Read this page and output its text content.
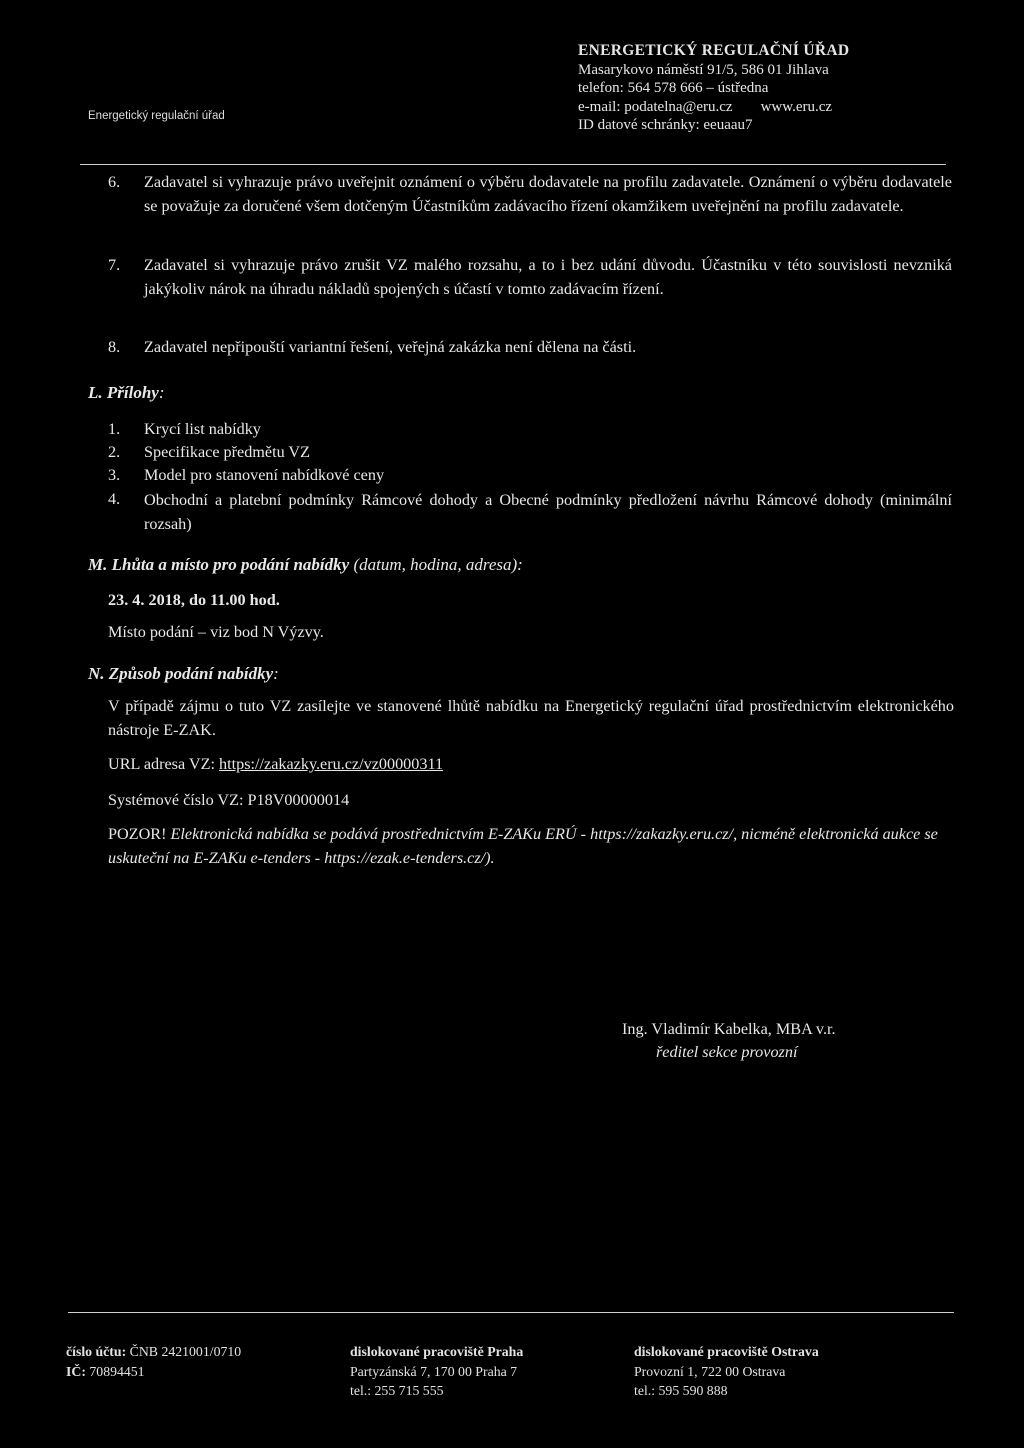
Energetický regulační úřad
ENERGETICKÝ REGULAČNÍ ÚŘAD
Masarykovo náměstí 91/5, 586 01 Jihlava
telefon: 564 578 666 – ústředna
e-mail: podatelna@eru.cz www.eru.cz
ID datové schránky: eeuaau7
6. Zadavatel si vyhrazuje právo uveřejnit oznámení o výběru dodavatele na profilu zadavatele. Oznámení o výběru dodavatele se považuje za doručené všem dotčeným Účastníkům zadávacího řízení okamžikem uveřejnění na profilu zadavatele.
7. Zadavatel si vyhrazuje právo zrušit VZ malého rozsahu, a to i bez udání důvodu. Účastníku v této souvislosti nevzniká jakýkoliv nárok na úhradu nákladů spojených s účastí v tomto zadávacím řízení.
8. Zadavatel nepřipouští variantní řešení, veřejná zakázka není dělena na části.
L. Přílohy:
1. Krycí list nabídky
2. Specifikace předmětu VZ
3. Model pro stanovení nabídkové ceny
4. Obchodní a platební podmínky Rámcové dohody a Obecné podmínky předložení návrhu Rámcové dohody (minimální rozsah)
M. Lhůta a místo pro podání nabídky (datum, hodina, adresa):
23. 4. 2018, do 11.00 hod.
Místo podání – viz bod N Výzvy.
N. Způsob podání nabídky:
V případě zájmu o tuto VZ zasílejte ve stanovené lhůtě nabídku na Energetický regulační úřad prostřednictvím elektronického nástroje E-ZAK.
URL adresa VZ: https://zakazky.eru.cz/vz00000311
Systémové číslo VZ: P18V00000014
POZOR! Elektronická nabídka se podává prostřednictvím E-ZAKu ERÚ - https://zakazky.eru.cz/, nicméně elektronická aukce se uskuteční na E-ZAKu e-tenders - https://ezak.e-tenders.cz/).
Ing. Vladimír Kabelka, MBA v.r.
ředitel sekce provozní
číslo účtu: ČNB 2421001/0710
IČ: 70894451
dislokované pracoviště Praha
Partyzánská 7, 170 00 Praha 7
tel.: 255 715 555
dislokované pracoviště Ostrava
Provozní 1, 722 00 Ostrava
tel.: 595 590 888
